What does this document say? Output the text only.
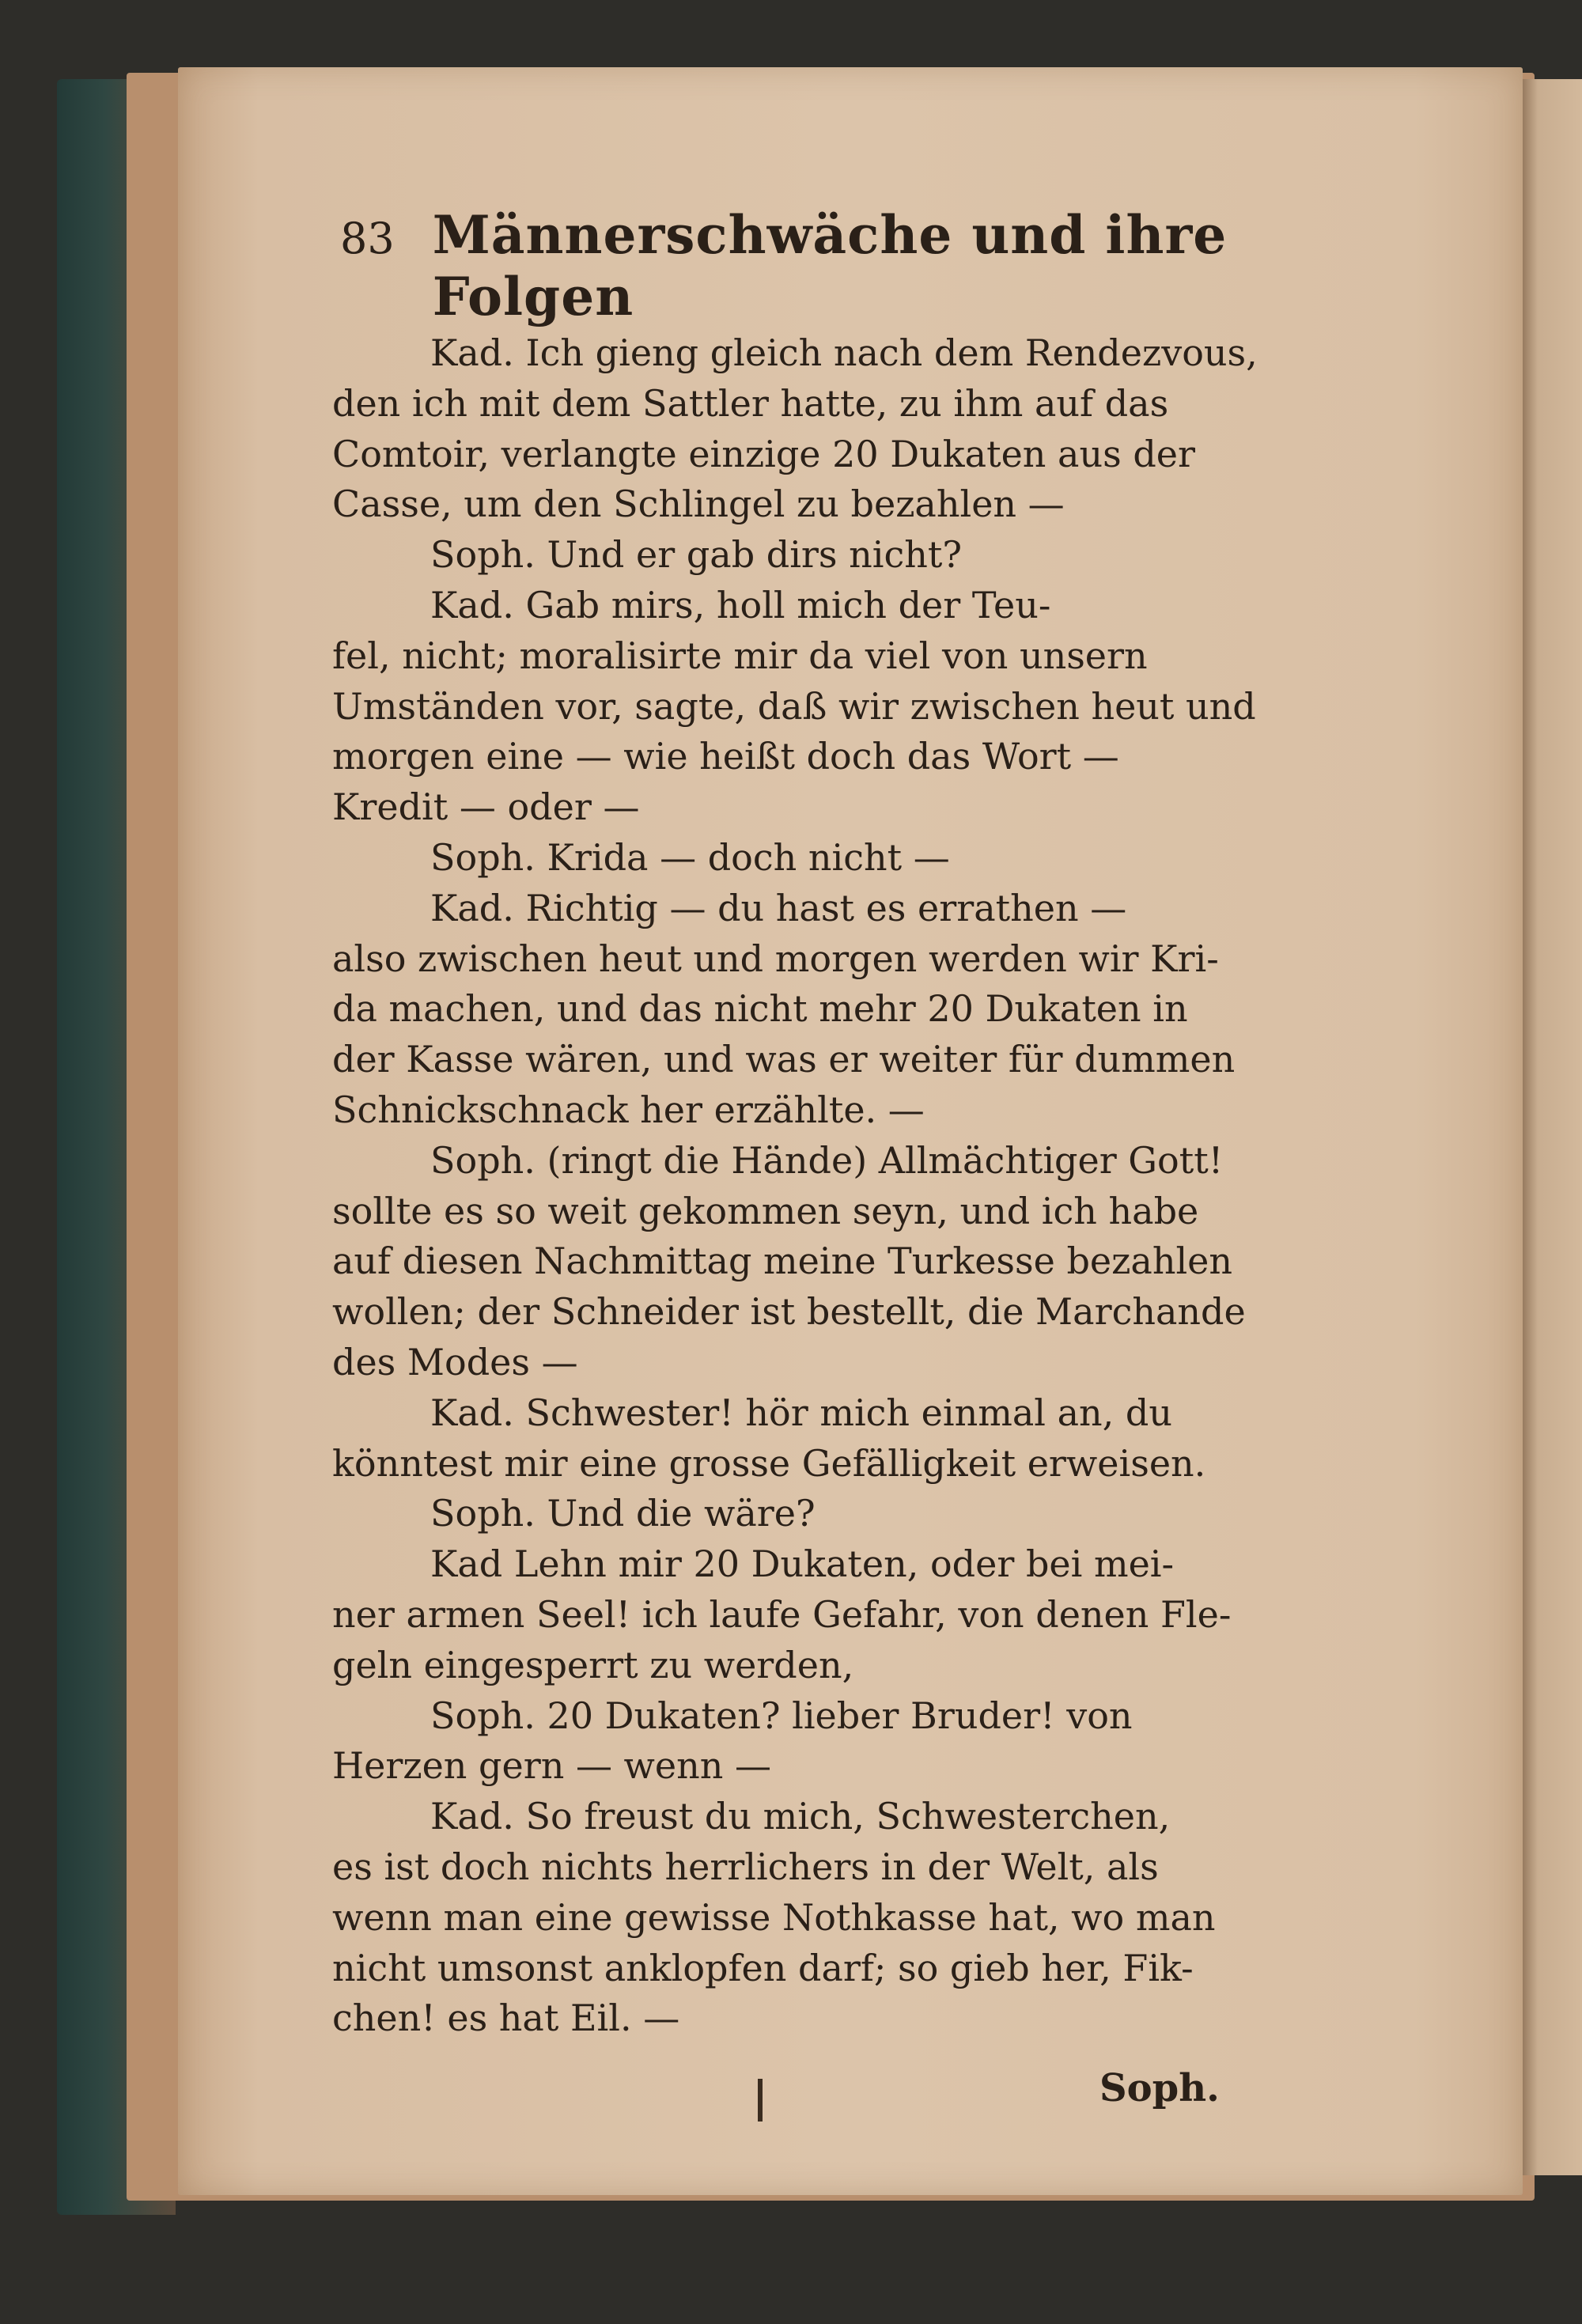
83 Männerschwäche und ihre Folgen
Kad. Ich gieng gleich nach dem Rendezvous,
den ich mit dem Sattler hatte, zu ihm auf das
Comtoir, verlangte einzige 20 Dukaten aus der
Casse, um den Schlingel zu bezahlen —
Soph. Und er gab dirs nicht?
Kad. Gab mirs, holl mich der Teu-
fel, nicht; moralisirte mir da viel von unsern
Umständen vor, sagte, daß wir zwischen heut und
morgen eine — wie heißt doch das Wort —
Kredit — oder —
Soph. Krida — doch nicht —
Kad. Richtig — du hast es errathen —
also zwischen heut und morgen werden wir Kri-
da machen, und das nicht mehr 20 Dukaten in
der Kasse wären, und was er weiter für dummen
Schnickschnack her erzählte. —
Soph. (ringt die Hände) Allmächtiger Gott!
sollte es so weit gekommen seyn, und ich habe
auf diesen Nachmittag meine Turkesse bezahlen
wollen; der Schneider ist bestellt, die Marchande
des Modes —
Kad. Schwester! hör mich einmal an, du
könntest mir eine grosse Gefälligkeit erweisen.
Soph. Und die wäre?
Kad Lehn mir 20 Dukaten, oder bei mei-
ner armen Seel! ich laufe Gefahr, von denen Fle-
geln eingesperrt zu werden,
Soph. 20 Dukaten? lieber Bruder! von
Herzen gern — wenn —
Kad. So freust du mich, Schwesterchen,
es ist doch nichts herrlichers in der Welt, als
wenn man eine gewisse Nothkasse hat, wo man
nicht umsonst anklopfen darf; so gieb her, Fik-
chen! es hat Eil. —
Soph.
